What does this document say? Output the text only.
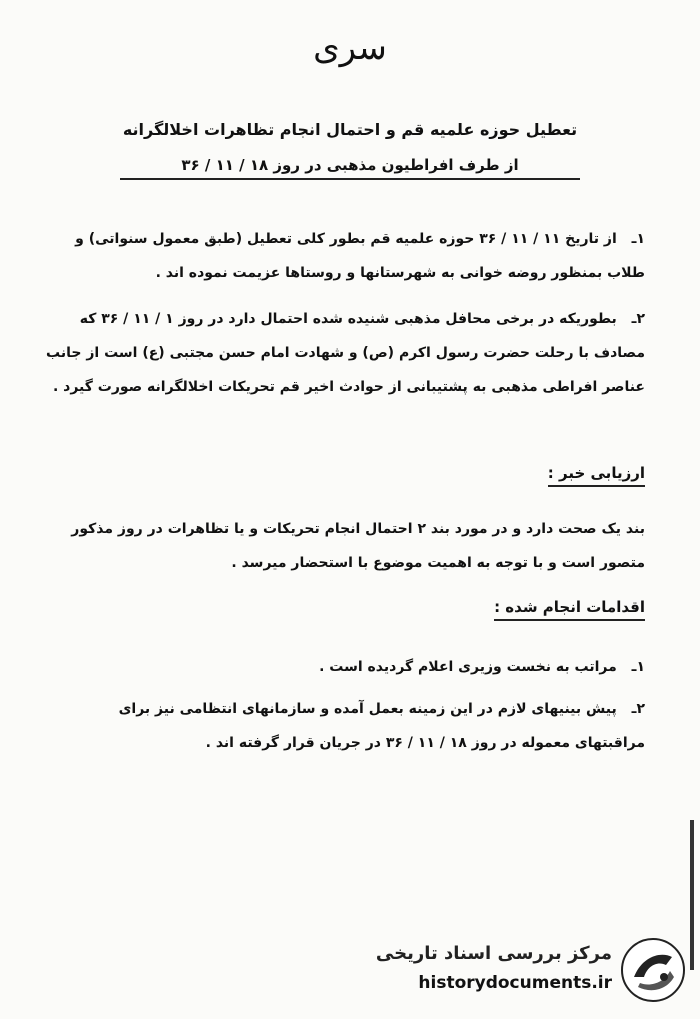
سری
تعطیل حوزه علمیه قم و احتمال انجام تظاهرات اخلالگرانه
از طرف افراطیون مذهبی در روز ۱۸ / ۱۱ / ۳۶
۱ـ از تاریخ ۱۱ / ۱۱ / ۳۶ حوزه علمیه قم بطور کلی تعطیل (طبق معمول سنواتی) و طلاب بمنظور روضه خوانی به شهرستانها و روستاها عزیمت نموده اند .
۲ـ بطوریکه در برخی محافل مذهبی شنیده شده احتمال دارد در روز ۱ / ۱۱ / ۳۶ که مصادف با رحلت حضرت رسول اکرم (ص) و شهادت امام حسن مجتبی (ع) است از جانب عناصر افراطی مذهبی به پشتیبانی از حوادث اخیر قم تحریکات اخلالگرانه صورت گیرد .
ارزیابی خبر :
بند یک صحت دارد و در مورد بند ۲ احتمال انجام تحریکات و یا تظاهرات در روز مذکور متصور است و با توجه به اهمیت موضوع با استحضار میرسد .
اقدامات انجام شده :
۱ـ مراتب به نخست وزیری اعلام گردیده است .
۲ـ پیش بینیهای لازم در این زمینه بعمل آمده و سازمانهای انتظامی نیز برای مراقبتهای معموله در روز ۱۸ / ۱۱ / ۳۶ در جریان قرار گرفته اند .
مرکز بررسی اسناد تاریخی
historydocuments.ir
